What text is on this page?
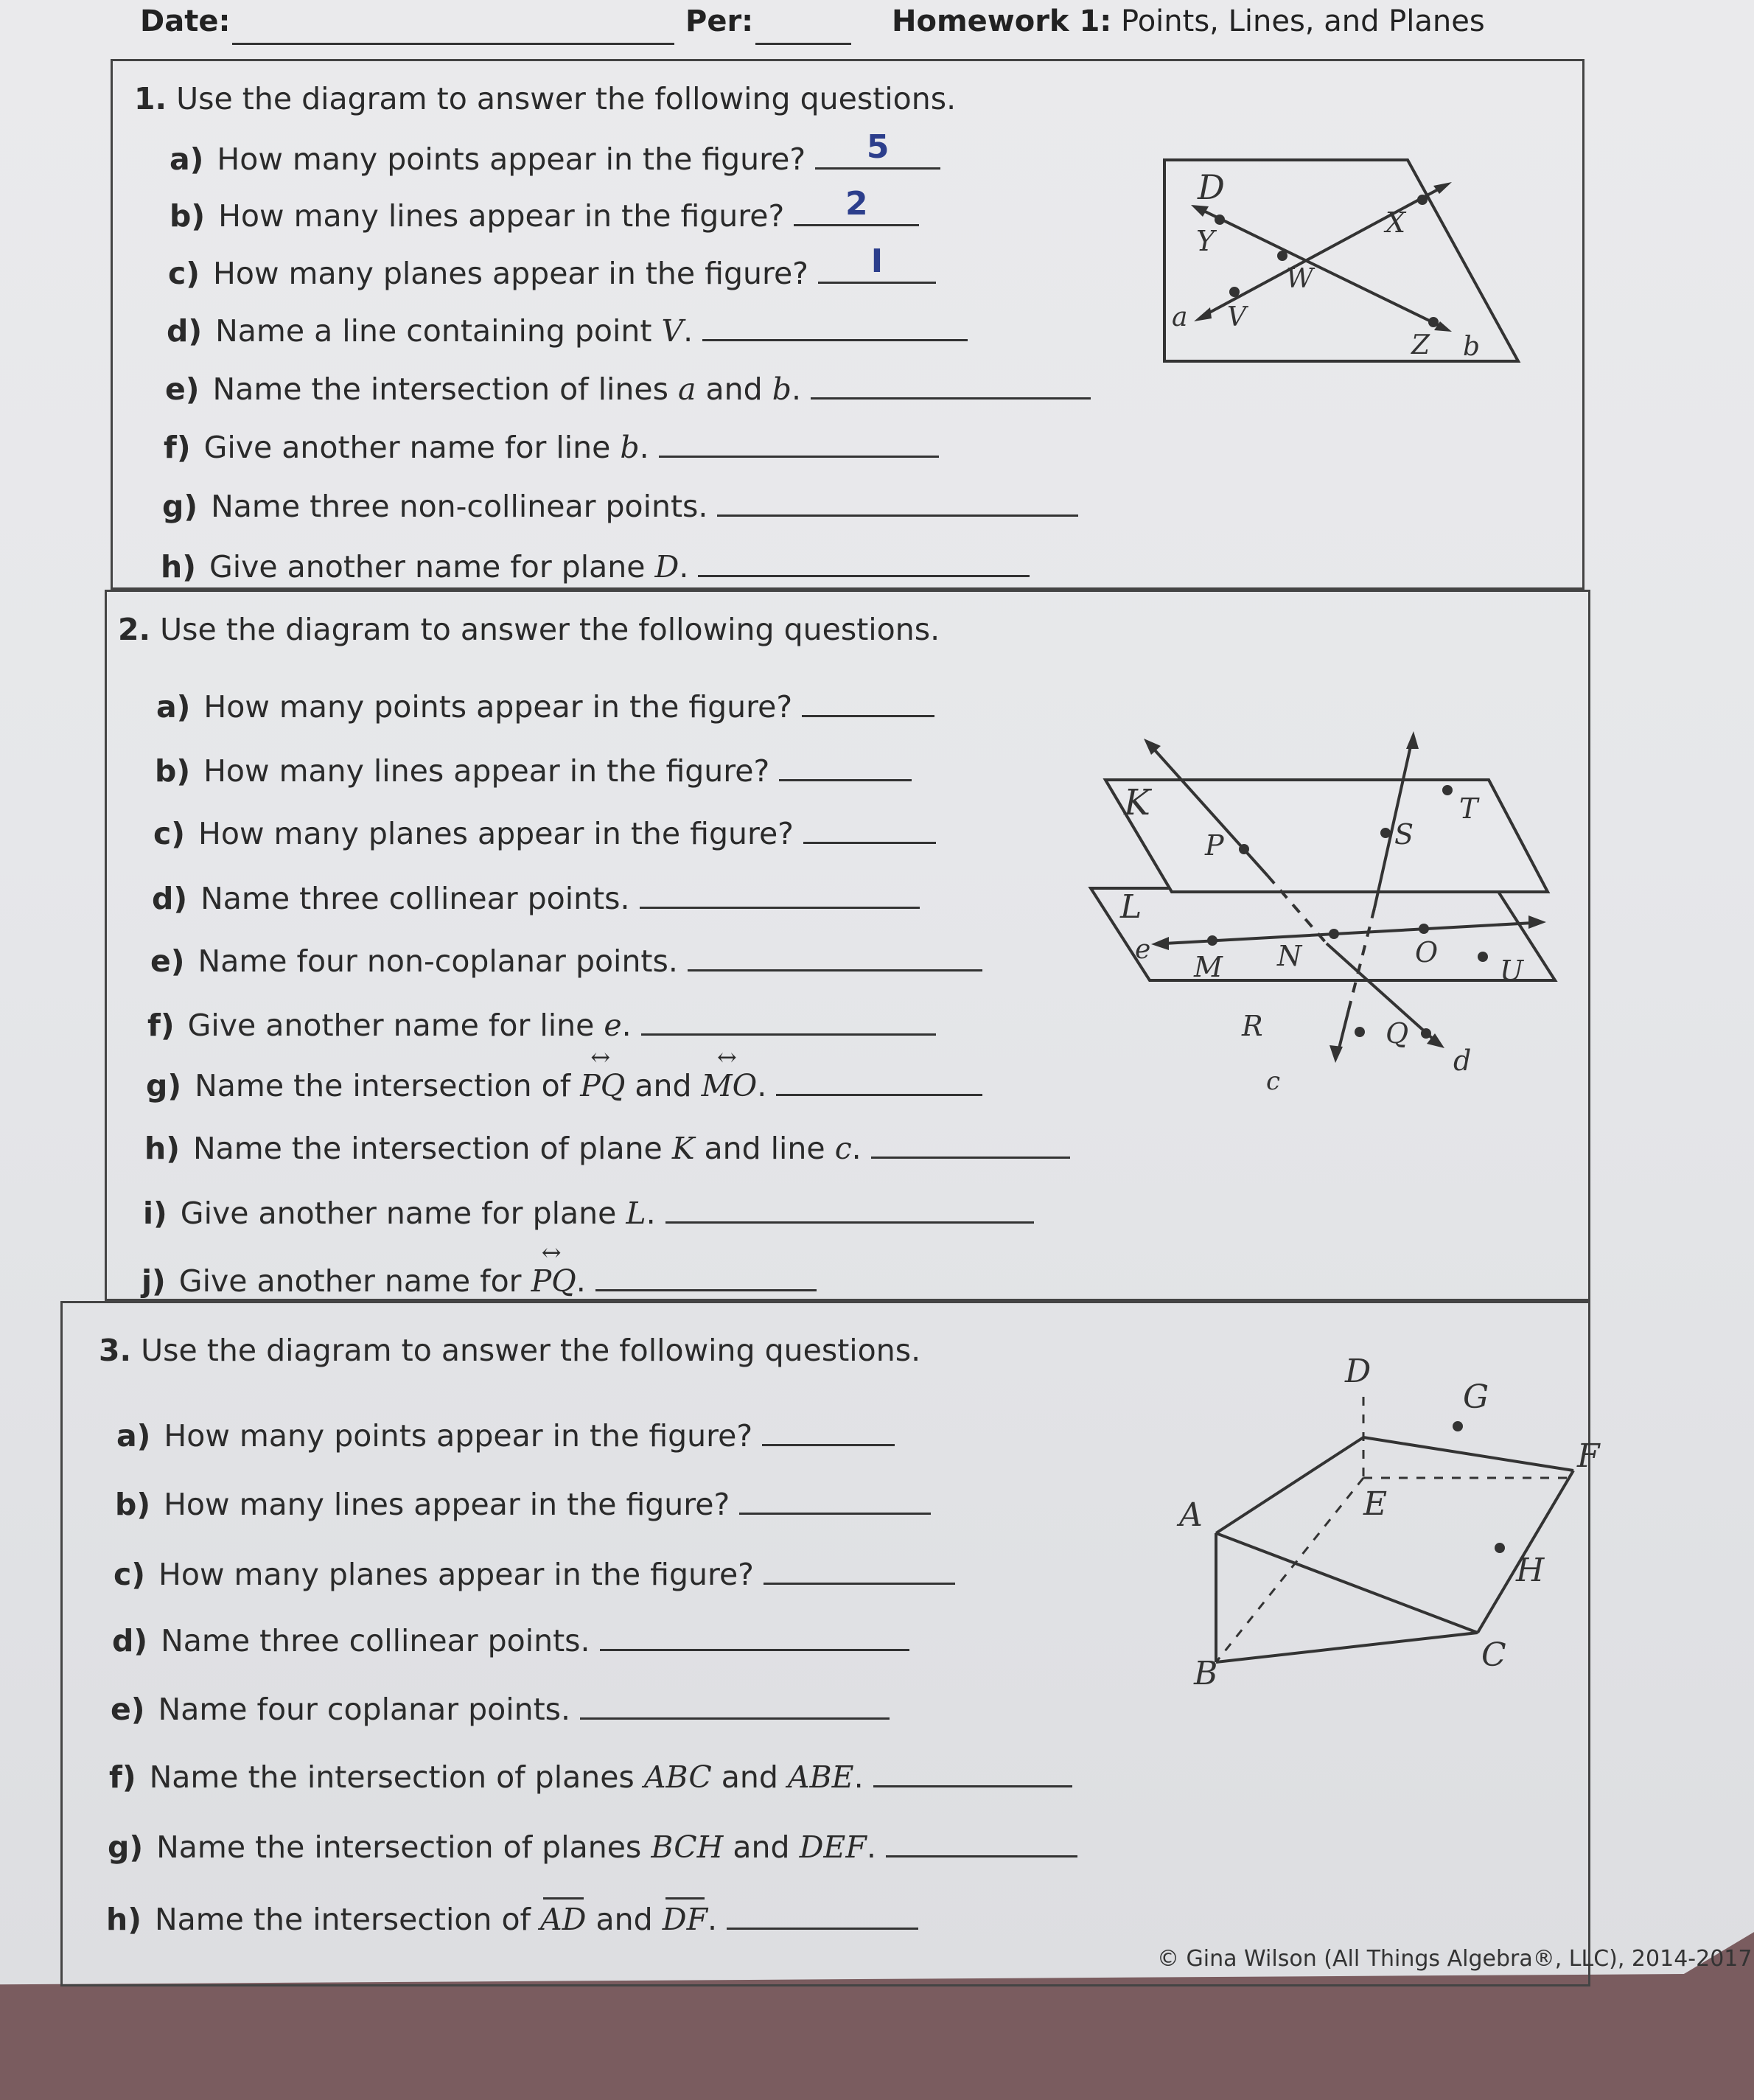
Date:	Per:	Homework 1: Points, Lines, and Planes
1. Use the diagram to answer the following questions.
a) How many points appear in the figure?	5
b) How many lines appear in the figure?	2
c) How many planes appear in the figure?	I
d) Name a line containing point V.
e) Name the intersection of lines a and b.
f) Give another name for line b.
g) Name three non-collinear points.
h) Give another name for plane D.
D
Y
X
W
a V
Z b
2. Use the diagram to answer the following questions.
a) How many points appear in the figure?
b) How many lines appear in the figure?
c) How many planes appear in the figure?
d) Name three collinear points.
e) Name four non-coplanar points.
f) Give another name for line e.
g) Name the intersection of ↔ PQ and ↔ MO.
h) Name the intersection of plane K and line c.
i) Give another name for plane L.
j) Give another name for ↔ PQ.
K	T
P	S
L
e
M N	O
U
R	Q
d
c
3. Use the diagram to answer the following questions.
a) How many points appear in the figure?
b) How many lines appear in the figure?
c) How many planes appear in the figure?
d) Name three collinear points.
e) Name four coplanar points.
f) Name the intersection of planes ABC and ABE.
g) Name the intersection of planes BCH and DEF.
h) Name the intersection of AD and DF.
D
G
F
A	E
H
B	C
© Gina Wilson (All Things Algebra®, LLC), 2014-2017
